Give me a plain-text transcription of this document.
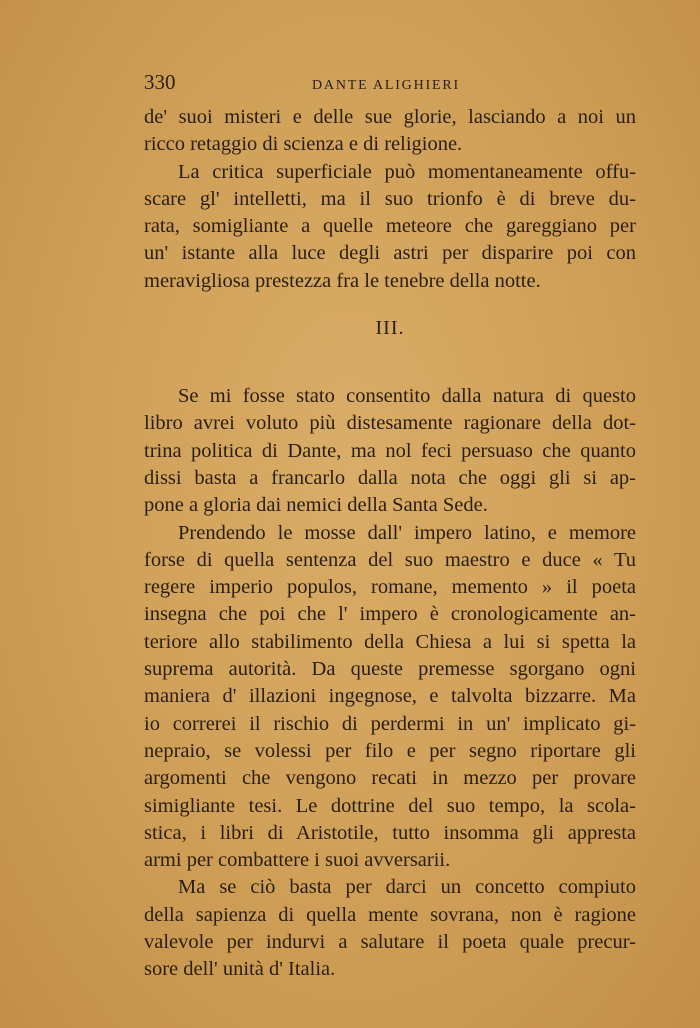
330	DANTE ALIGHIERI
de' suoi misteri e delle sue glorie, lasciando a noi un
ricco retaggio di scienza e di religione.
La critica superficiale può momentaneamente offu-
scare gl' intelletti, ma il suo trionfo è di breve du-
rata, somigliante a quelle meteore che gareggiano per
un' istante alla luce degli astri per disparire poi con
meravigliosa prestezza fra le tenebre della notte.
III.
Se mi fosse stato consentito dalla natura di questo
libro avrei voluto più distesamente ragionare della dot-
trina politica di Dante, ma nol feci persuaso che quanto
dissi basta a francarlo dalla nota che oggi gli si ap-
pone a gloria dai nemici della Santa Sede.
Prendendo le mosse dall' impero latino, e memore
forse di quella sentenza del suo maestro e duce « Tu
regere imperio populos, romane, memento » il poeta
insegna che poi che l' impero è cronologicamente an-
teriore allo stabilimento della Chiesa a lui si spetta la
suprema autorità. Da queste premesse sgorgano ogni
maniera d' illazioni ingegnose, e talvolta bizzarre. Ma
io correrei il rischio di perdermi in un' implicato gi-
nepraio, se volessi per filo e per segno riportare gli
argomenti che vengono recati in mezzo per provare
simigliante tesi. Le dottrine del suo tempo, la scola-
stica, i libri di Aristotile, tutto insomma gli appresta
armi per combattere i suoi avversarii.
Ma se ciò basta per darci un concetto compiuto
della sapienza di quella mente sovrana, non è ragione
valevole per indurvi a salutare il poeta quale precur-
sore dell' unità d' Italia.
